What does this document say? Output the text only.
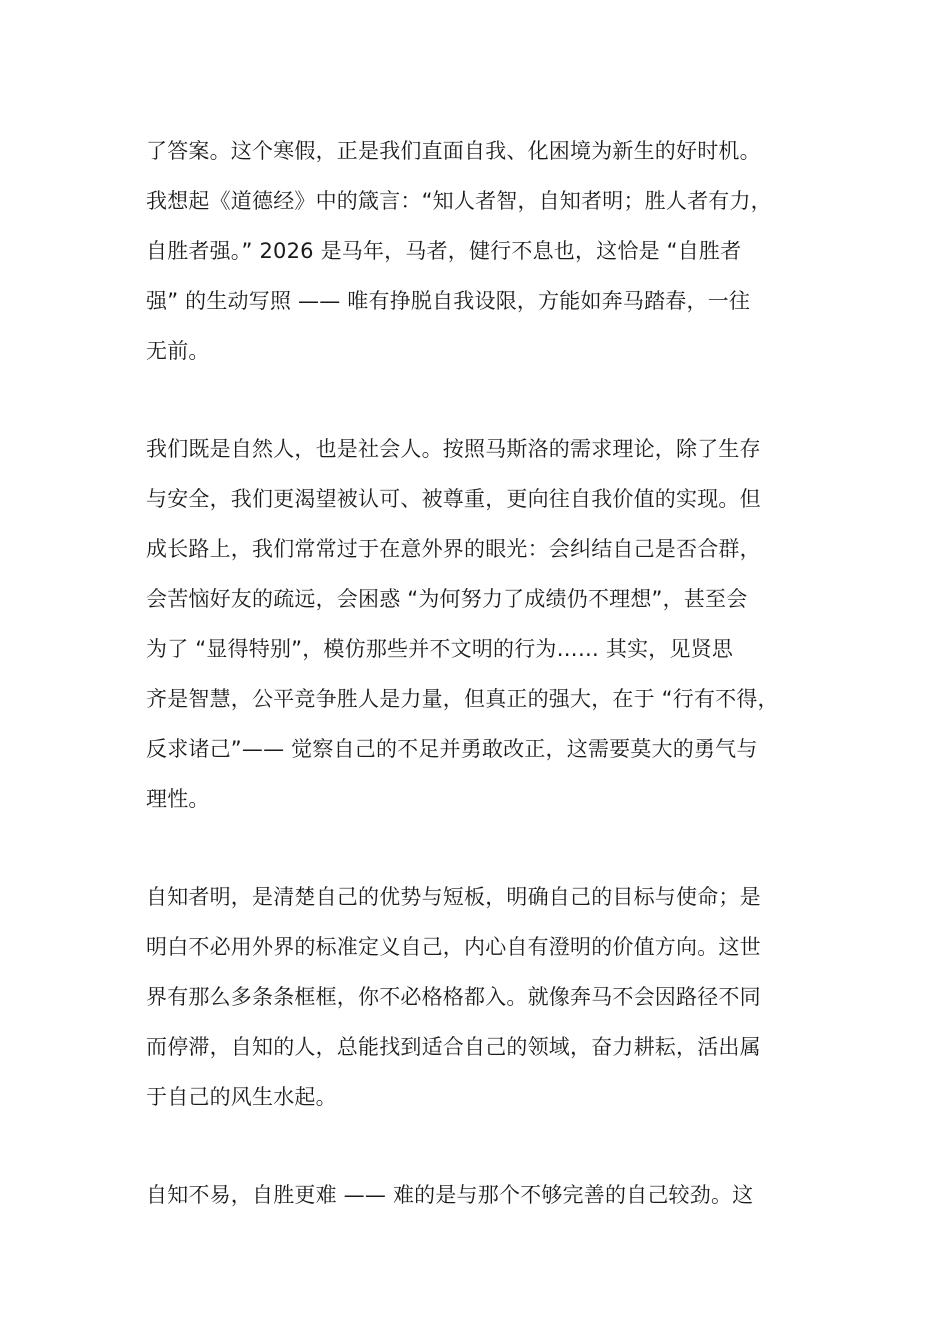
了答案。这个寒假，正是我们直面自我、化困境为新生的好时机。
我想起《道德经》中的箴言：“知人者智，自知者明；胜人者有力，
自胜者强。” 2026 是马年，马者，健行不息也，这恰是 “自胜者
强” 的生动写照 —— 唯有挣脱自我设限，方能如奔马踏春，一往
无前。
我们既是自然人，也是社会人。按照马斯洛的需求理论，除了生存
与安全，我们更渴望被认可、被尊重，更向往自我价值的实现。但
成长路上，我们常常过于在意外界的眼光：会纠结自己是否合群，
会苦恼好友的疏远，会困惑 “为何努力了成绩仍不理想”，甚至会
为了 “显得特别”，模仿那些并不文明的行为…… 其实，见贤思
齐是智慧，公平竞争胜人是力量，但真正的强大，在于 “行有不得，
反求诸己”—— 觉察自己的不足并勇敢改正，这需要莫大的勇气与
理性。
自知者明，是清楚自己的优势与短板，明确自己的目标与使命；是
明白不必用外界的标准定义自己，内心自有澄明的价值方向。这世
界有那么多条条框框，你不必格格都入。就像奔马不会因路径不同
而停滞，自知的人，总能找到适合自己的领域，奋力耕耘，活出属
于自己的风生水起。
自知不易，自胜更难 —— 难的是与那个不够完善的自己较劲。这
